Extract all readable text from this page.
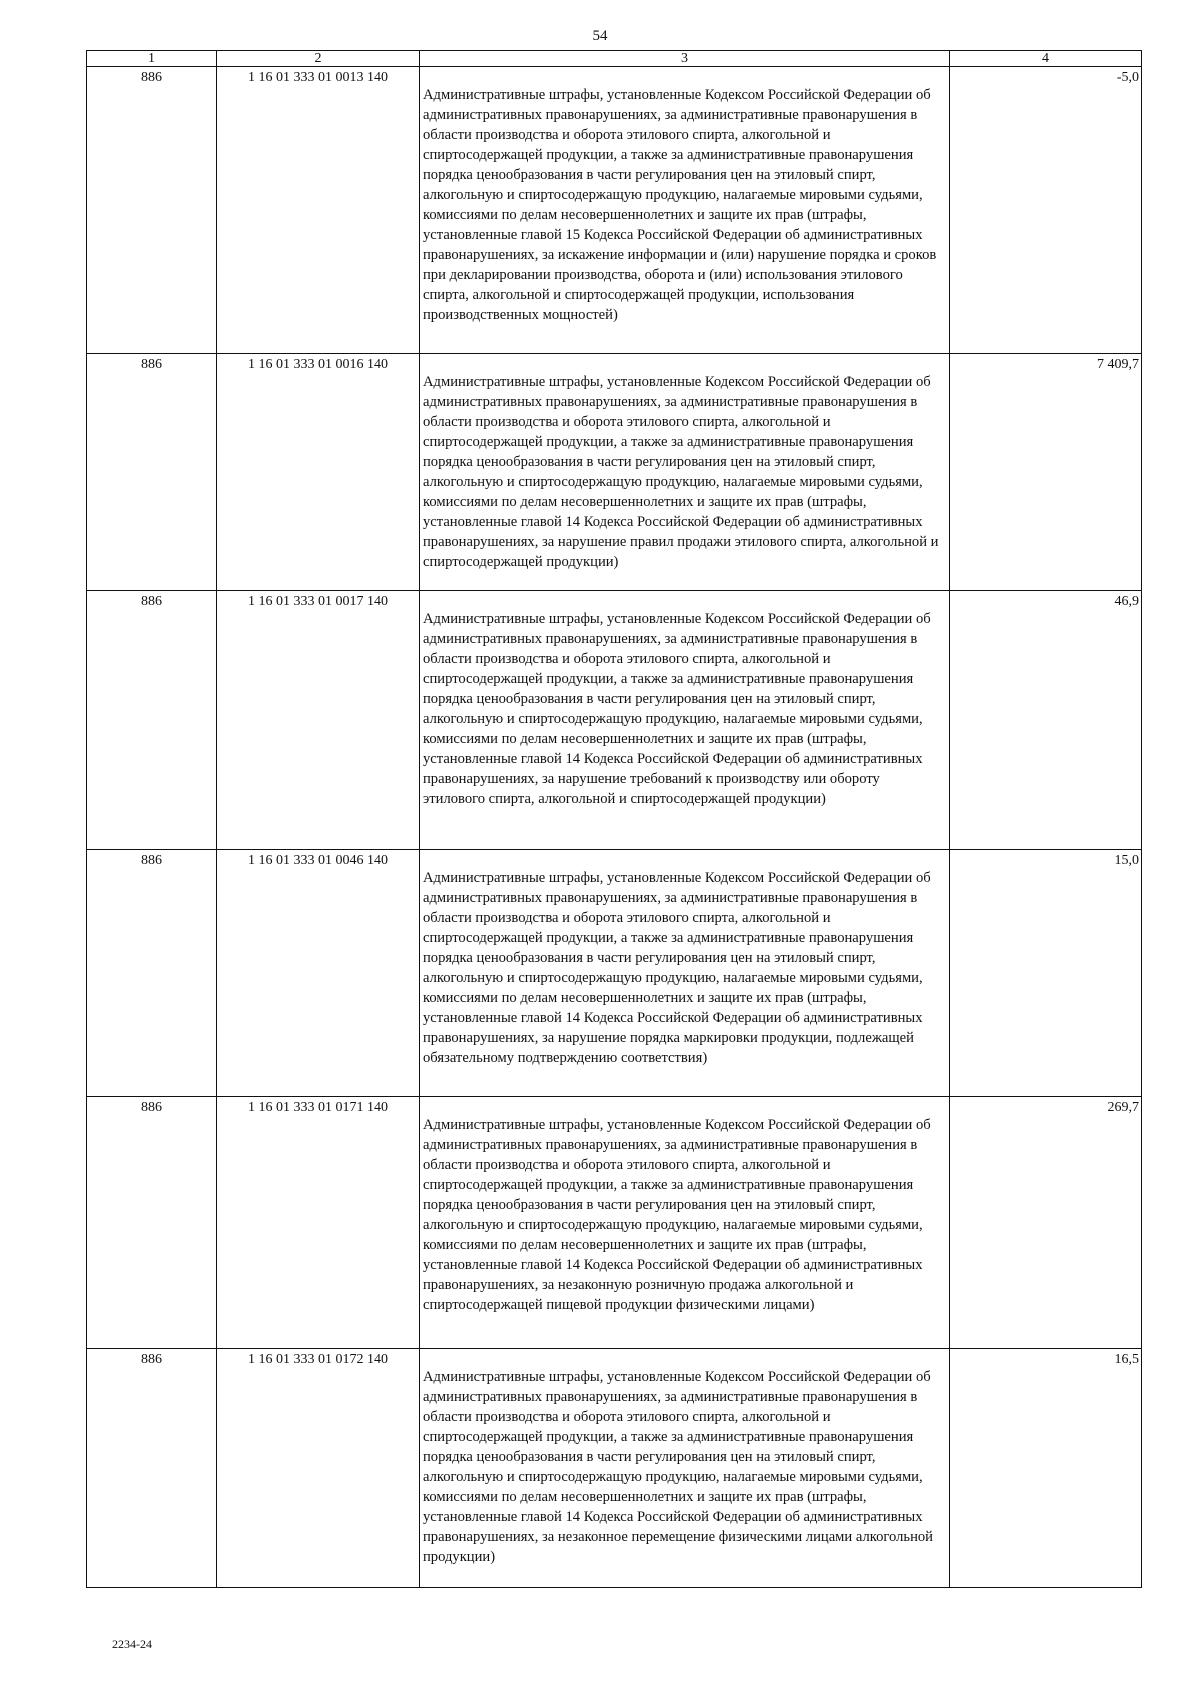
54
1	2	3	4
886	1 16 01 333 01 0013 140	Административные штрафы, установленные Кодексом Российской Федерации об административных правонарушениях, за административные правонарушения в области производства и оборота этилового спирта, алкогольной и спиртосодержащей продукции, а также за административные правонарушения порядка ценообразования в части регулирования цен на этиловый спирт, алкогольную и спиртосодержащую продукцию, налагаемые мировыми судьями, комиссиями по делам несовершеннолетних и защите их прав (штрафы, установленные главой 15 Кодекса Российской Федерации об административных правонарушениях, за искажение информации и (или) нарушение порядка и сроков при декларировании производства, оборота и (или) использования этилового спирта, алкогольной и спиртосодержащей продукции, использования производственных мощностей)	-5,0
886	1 16 01 333 01 0016 140	Административные штрафы, установленные Кодексом Российской Федерации об административных правонарушениях, за административные правонарушения в области производства и оборота этилового спирта, алкогольной и спиртосодержащей продукции, а также за административные правонарушения порядка ценообразования в части регулирования цен на этиловый спирт, алкогольную и спиртосодержащую продукцию, налагаемые мировыми судьями, комиссиями по делам несовершеннолетних и защите их прав (штрафы, установленные главой 14 Кодекса Российской Федерации об административных правонарушениях, за нарушение правил продажи этилового спирта, алкогольной и спиртосодержащей продукции)	7 409,7
886	1 16 01 333 01 0017 140	Административные штрафы, установленные Кодексом Российской Федерации об административных правонарушениях, за административные правонарушения в области производства и оборота этилового спирта, алкогольной и спиртосодержащей продукции, а также за административные правонарушения порядка ценообразования в части регулирования цен на этиловый спирт, алкогольную и спиртосодержащую продукцию, налагаемые мировыми судьями, комиссиями по делам несовершеннолетних и защите их прав (штрафы, установленные главой 14 Кодекса Российской Федерации об административных правонарушениях, за нарушение требований к производству или обороту этилового спирта, алкогольной и спиртосодержащей продукции)	46,9
886	1 16 01 333 01 0046 140	Административные штрафы, установленные Кодексом Российской Федерации об административных правонарушениях, за административные правонарушения в области производства и оборота этилового спирта, алкогольной и спиртосодержащей продукции, а также за административные правонарушения порядка ценообразования в части регулирования цен на этиловый спирт, алкогольную и спиртосодержащую продукцию, налагаемые мировыми судьями, комиссиями по делам несовершеннолетних и защите их прав (штрафы, установленные главой 14 Кодекса Российской Федерации об административных правонарушениях, за нарушение порядка маркировки продукции, подлежащей обязательному подтверждению соответствия)	15,0
886	1 16 01 333 01 0171 140	Административные штрафы, установленные Кодексом Российской Федерации об административных правонарушениях, за административные правонарушения в области производства и оборота этилового спирта, алкогольной и спиртосодержащей продукции, а также за административные правонарушения порядка ценообразования в части регулирования цен на этиловый спирт, алкогольную и спиртосодержащую продукцию, налагаемые мировыми судьями, комиссиями по делам несовершеннолетних и защите их прав (штрафы, установленные главой 14 Кодекса Российской Федерации об административных правонарушениях, за незаконную розничную продажа алкогольной и спиртосодержащей пищевой продукции физическими лицами)	269,7
886	1 16 01 333 01 0172 140	Административные штрафы, установленные Кодексом Российской Федерации об административных правонарушениях, за административные правонарушения в области производства и оборота этилового спирта, алкогольной и спиртосодержащей продукции, а также за административные правонарушения порядка ценообразования в части регулирования цен на этиловый спирт, алкогольную и спиртосодержащую продукцию, налагаемые мировыми судьями, комиссиями по делам несовершеннолетних и защите их прав (штрафы, установленные главой 14 Кодекса Российской Федерации об административных правонарушениях, за незаконное перемещение физическими лицами алкогольной продукции)	16,5
2234-24
